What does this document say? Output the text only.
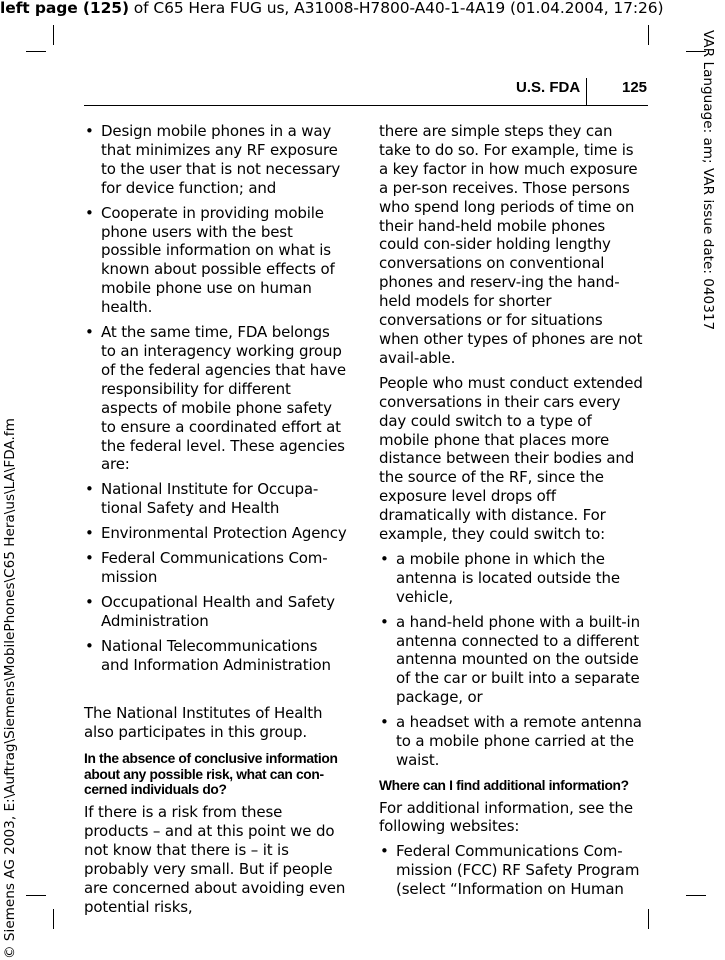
left page (125) of C65 Hera FUG us, A31008-H7800-A40-1-4A19 (01.04.2004, 17:26)
U.S. FDA	125	VAR Language: am; VAR issue date: 040317
© Siemens AG 2003, E:\Auftrag\Siemens\MobilePhones\C65 Hera\us\LA\FDA.fm
• Design mobile phones in a way that minimizes any RF exposure to the user that is not necessary for device function; and
• Cooperate in providing mobile phone users with the best possible information on what is known about possible effects of mobile phone use on human health.
• At the same time, FDA belongs to an interagency working group of the federal agencies that have responsibility for different aspects of mobile phone safety to ensure a coordinated effort at the federal level. These agencies are:
• National Institute for Occupa-tional Safety and Health
• Environmental Protection Agency
• Federal Communications Com-mission
• Occupational Health and Safety Administration
• National Telecommunications and Information Administration

The National Institutes of Health also participates in this group.

In the absence of conclusive information about any possible risk, what can con-cerned individuals do?

If there is a risk from these products – and at this point we do not know that there is – it is probably very small. But if people are concerned about avoiding even potential risks,

there are simple steps they can take to do so. For example, time is a key factor in how much exposure a per-son receives. Those persons who spend long periods of time on their hand-held mobile phones could con-sider holding lengthy conversations on conventional phones and reserv-ing the hand-held models for shorter conversations or for situations when other types of phones are not avail-able.

People who must conduct extended conversations in their cars every day could switch to a type of mobile phone that places more distance between their bodies and the source of the RF, since the exposure level drops off dramatically with distance. For example, they could switch to:

• a mobile phone in which the antenna is located outside the vehicle,
• a hand-held phone with a built-in antenna connected to a different antenna mounted on the outside of the car or built into a separate package, or
• a headset with a remote antenna to a mobile phone carried at the waist.

Where can I find additional information?

For additional information, see the following websites:

• Federal Communications Com-mission (FCC) RF Safety Program (select “Information on Human
